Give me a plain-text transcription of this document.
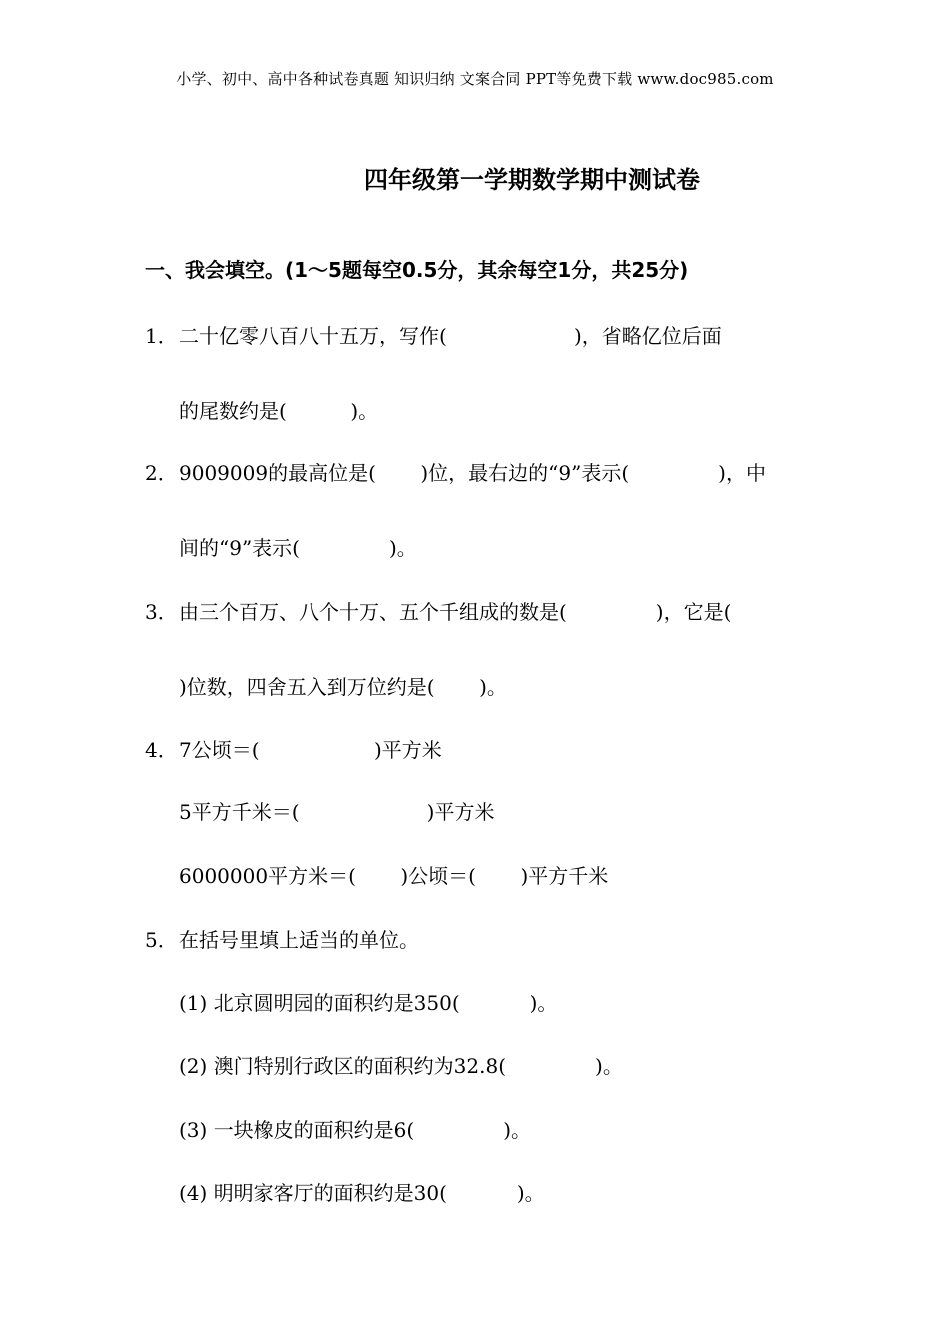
小学、初中、高中各种试卷真题 知识归纳 文案合同 PPT等免费下载 www.doc985.com
四年级第一学期数学期中测试卷
一、我会填空。(1～5题每空0.5分，其余每空1分，共25分)
1．二十亿零八百八十五万，写作(                    )，省略亿位后面
的尾数约是(          )。
2．9009009的最高位是(       )位，最右边的“9”表示(              )，中
间的“9”表示(              )。
3．由三个百万、八个十万、五个千组成的数是(              )，它是(
)位数，四舍五入到万位约是(       )。
4．7公顷＝(                  )平方米
5平方千米＝(                    )平方米
6000000平方米＝(       )公顷＝(       )平方千米
5．在括号里填上适当的单位。
(1) 北京圆明园的面积约是350(           )。
(2) 澳门特别行政区的面积约为32.8(              )。
(3) 一块橡皮的面积约是6(              )。
(4) 明明家客厅的面积约是30(           )。
